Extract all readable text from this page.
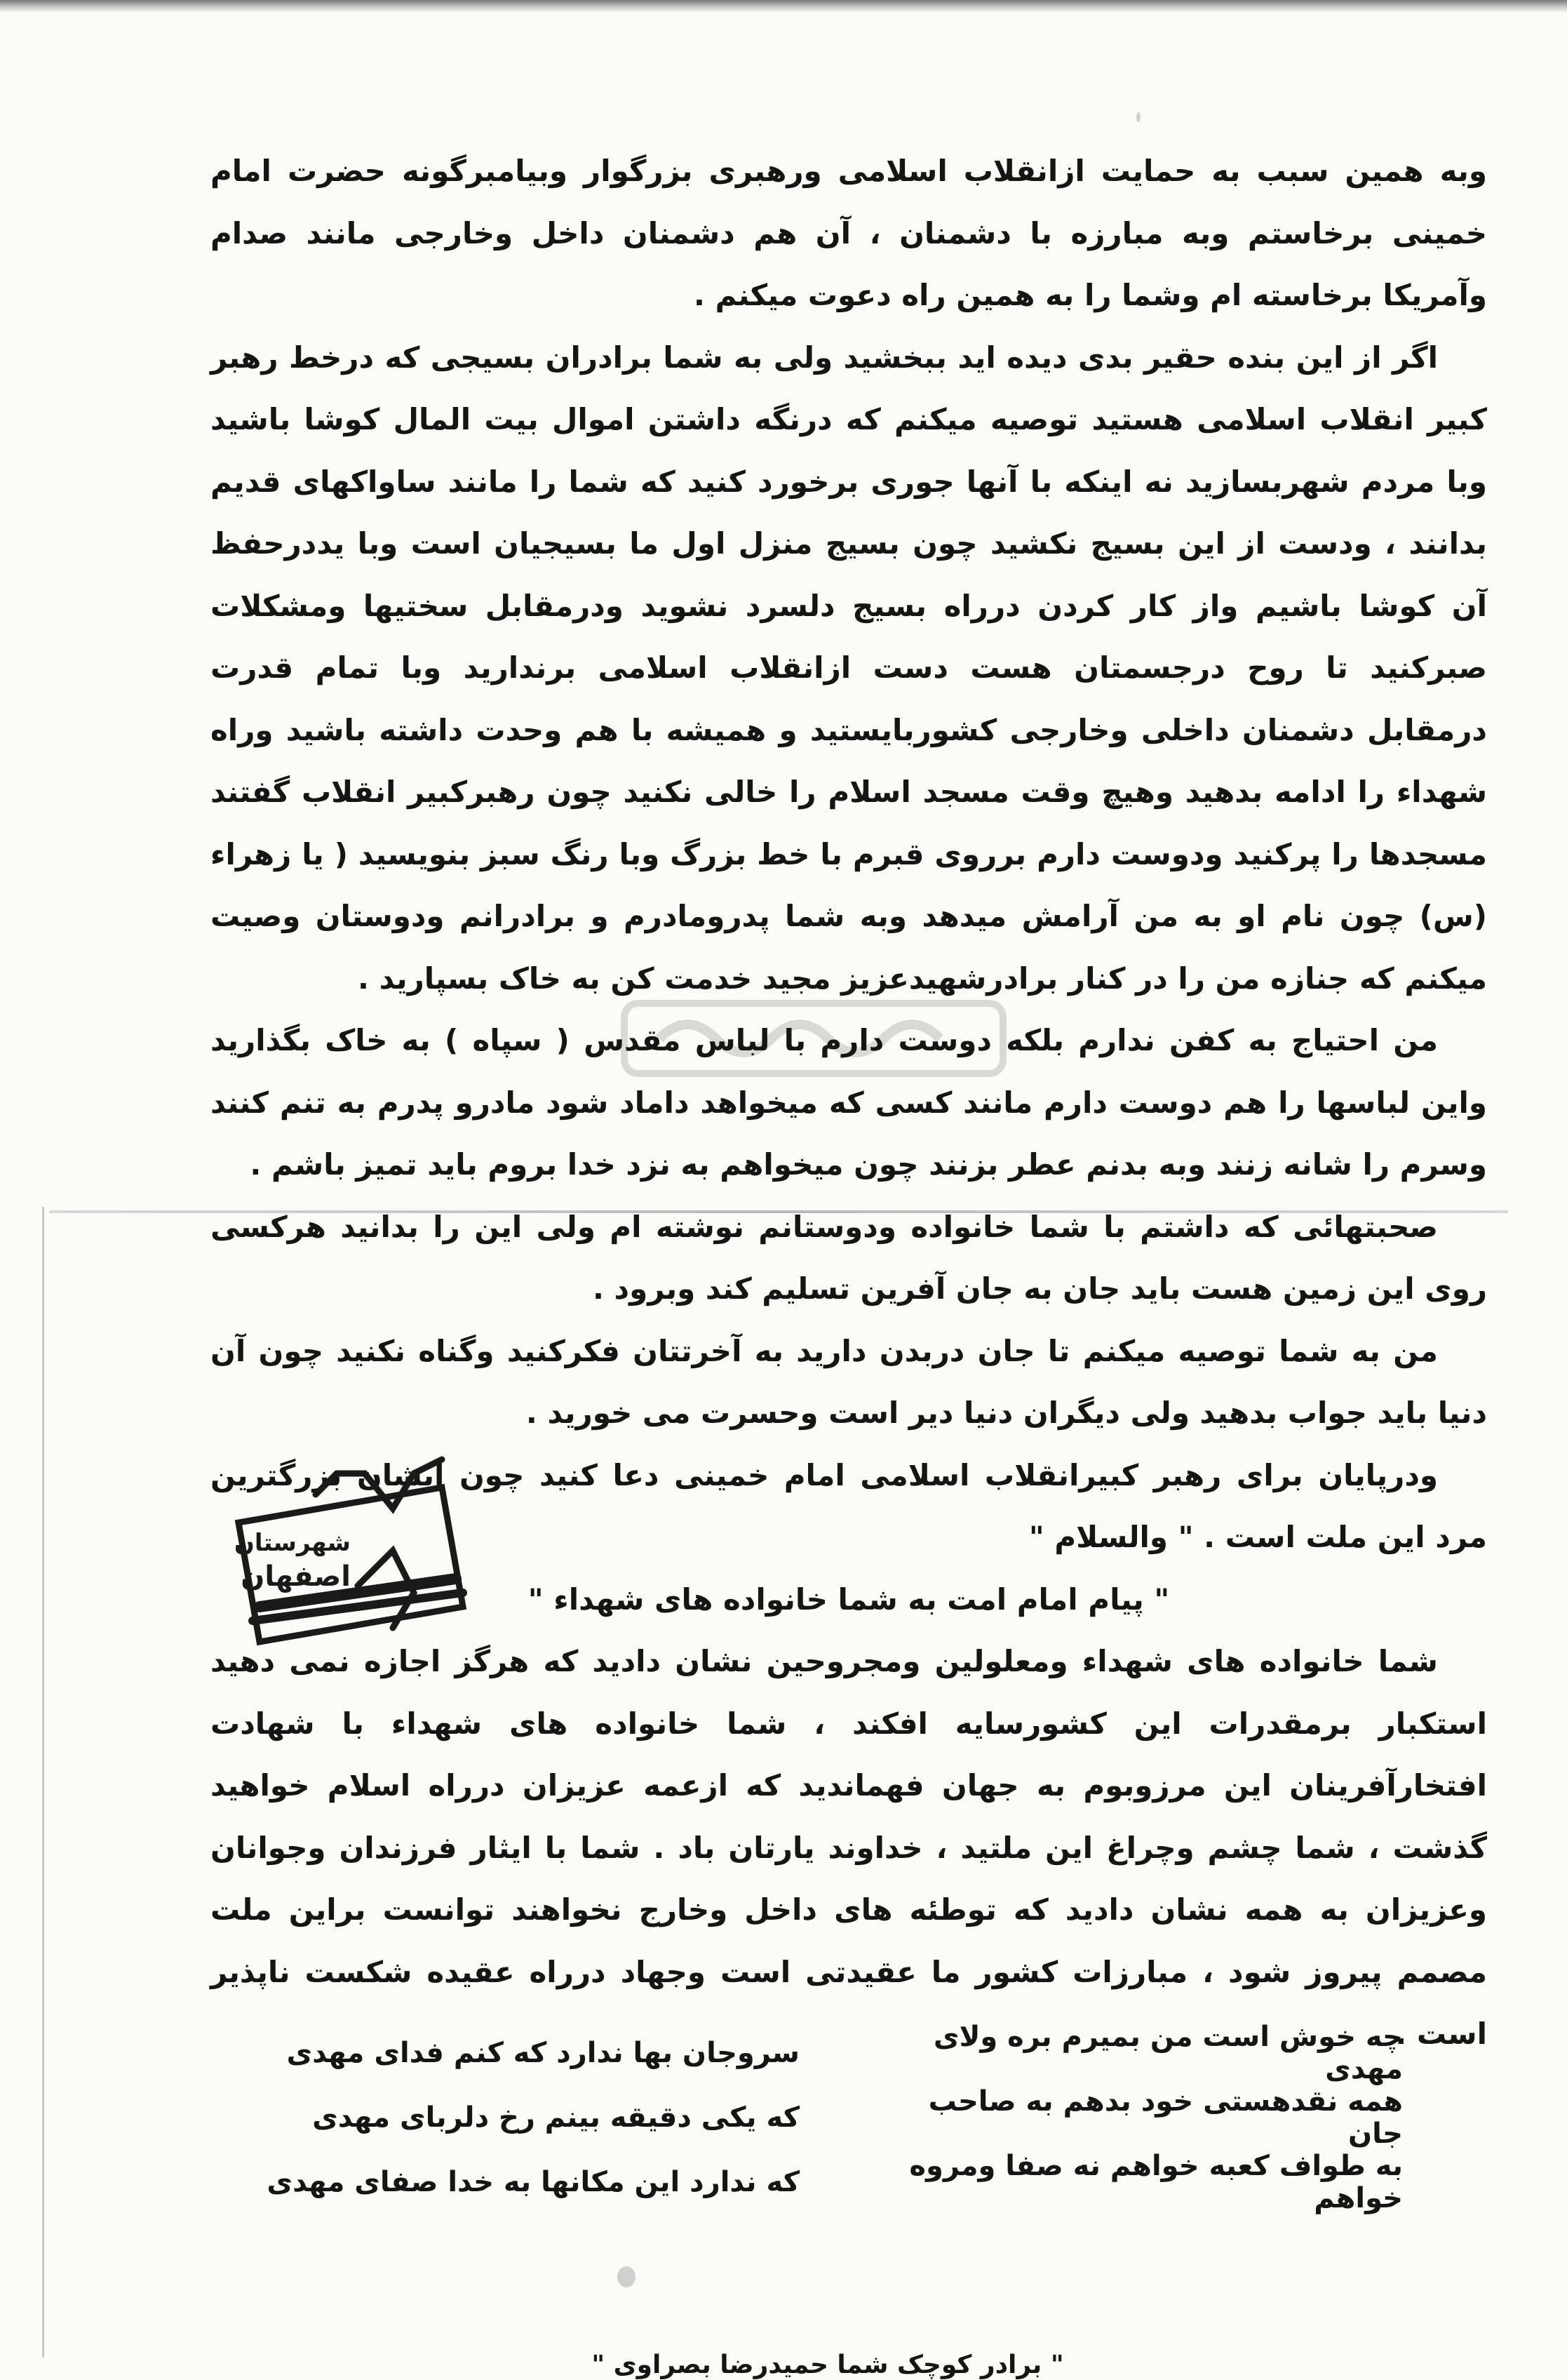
وبه همین سبب به حمایت ازانقلاب اسلامی ورهبری بزرگوار وبیامبرگونه حضرت امام خمینی برخاستم وبه مبارزه با دشمنان ، آن هم دشمنان داخل وخارجی مانند صدام وآمریکا برخاسته ام وشما را به همین راه دعوت میکنم .

اگر از این بنده حقیر بدی دیده اید ببخشید ولی به شما برادران بسیجی که درخط رهبر کبیر انقلاب اسلامی هستید توصیه میکنم که درنگه داشتن اموال بیت المال کوشا باشید وبا مردم شهربسازید نه اینکه با آنها جوری برخورد کنید که شما را مانند ساواکهای قدیم بدانند ، ودست از این بسیج نکشید چون بسیج منزل اول ما بسیجیان است وبا یددرحفظ آن کوشا باشیم واز کار کردن درراه بسیج دلسرد نشوید ودرمقابل سختیها ومشکلات صبرکنید تا روح درجسمتان هست دست ازانقلاب اسلامی برندارید وبا تمام قدرت درمقابل دشمنان داخلی وخارجی کشوربایستید و همیشه با هم وحدت داشته باشید وراه شهداء را ادامه بدهید وهیچ وقت مسجد اسلام را خالی نکنید چون رهبرکبیر انقلاب گفتند مسجدها را پرکنید ودوست دارم برروی قبرم با خط بزرگ وبا رنگ سبز بنویسید ( یا زهراء (س) چون نام او به من آرامش میدهد وبه شما پدرومادرم و برادرانم ودوستان وصیت میکنم که جنازه من را در کنار برادرشهیدعزیز مجید خدمت کن به خاک بسپارید .

من احتیاج به کفن ندارم بلکه دوست دارم با لباس مقدس ( سپاه ) به خاک بگذارید واین لباسها را هم دوست دارم مانند کسی که میخواهد داماد شود مادرو پدرم به تنم کنند وسرم را شانه زنند وبه بدنم عطر بزنند چون میخواهم به نزد خدا بروم باید تمیز باشم .

صحبتهائی که داشتم با شما خانواده ودوستانم نوشته ام ولی این را بدانید هرکسی روی این زمین هست باید جان به جان آفرین تسلیم کند وبرود .

من به شما توصیه میکنم تا جان دربدن دارید به آخرتتان فکرکنید وگناه نکنید چون آن دنیا باید جواب بدهید ولی دیگران دنیا دیر است وحسرت می خورید .

ودرپایان برای رهبر کبیرانقلاب اسلامی امام خمینی دعا کنید چون ایشان بزرگترین مرد این ملت است . " والسلام "

" پیام امام امت به شما خانواده های شهداء "

شما خانواده های شهداء ومعلولین ومجروحین نشان دادید که هرگز اجازه نمی دهید استکبار برمقدرات این کشورسایه افکند ، شما خانواده های شهداء با شهادت افتخارآفرینان این مرزوبوم به جهان فهماندید که ازعمه عزیزان درراه اسلام خواهید گذشت ، شما چشم وچراغ این ملتید ، خداوند یارتان باد . شما با ایثار فرزندان وجوانان وعزیزان به همه نشان دادید که توطئه های داخل وخارج نخواهند توانست براین ملت مصمم پیروز شود ، مبارزات کشور ما عقیدتی است وجهاد درراه عقیده شکست ناپذیر است .

شهرستان
اصفهان
چه خوش است من بمیرم بره ولای مهدی
سروجان بها ندارد که کنم فدای مهدی
همه نقدهستی خود بدهم به صاحب جان
که یکی دقیقه بینم رخ دلربای مهدی
به طواف کعبه خواهم نه صفا ومروه خواهم
که ندارد این مکانها به خدا صفای مهدی
" برادر کوچک شما حمیدرضا بصراوی "
